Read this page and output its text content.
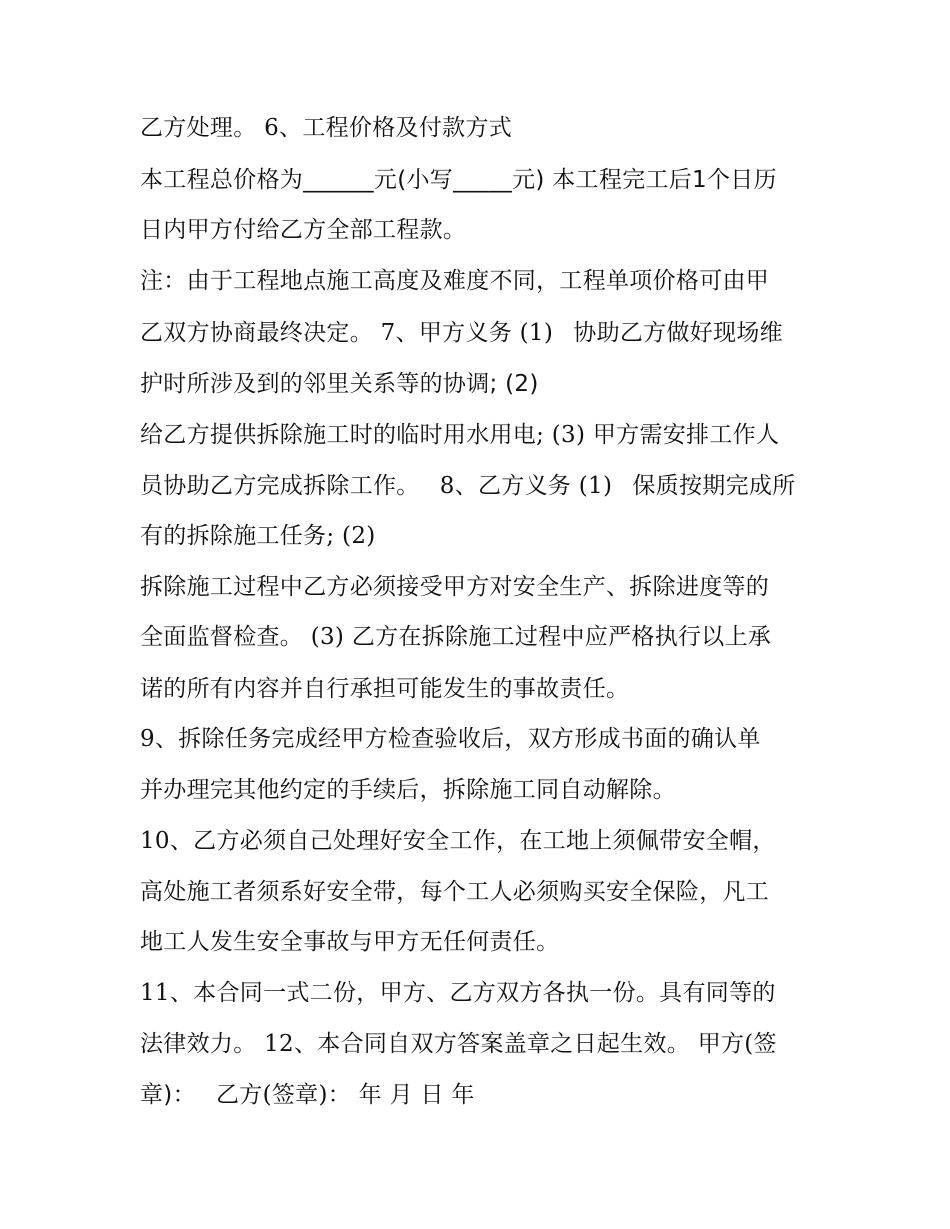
乙方处理。 6、工程价格及付款方式
本工程总价格为______元(小写_____元) 本工程完工后1个日历
日内甲方付给乙方全部工程款。
注：由于工程地点施工高度及难度不同，工程单项价格可由甲
乙双方协商最终决定。 7、甲方义务 (1) 协助乙方做好现场维
护时所涉及到的邻里关系等的协调; (2)
给乙方提供拆除施工时的临时用水用电; (3) 甲方需安排工作人
员协助乙方完成拆除工作。 8、乙方义务 (1) 保质按期完成所
有的拆除施工任务; (2)
拆除施工过程中乙方必须接受甲方对安全生产、拆除进度等的
全面监督检查。 (3) 乙方在拆除施工过程中应严格执行以上承
诺的所有内容并自行承担可能发生的事故责任。
9、拆除任务完成经甲方检查验收后，双方形成书面的确认单
并办理完其他约定的手续后，拆除施工同自动解除。
10、乙方必须自己处理好安全工作，在工地上须佩带安全帽，
高处施工者须系好安全带，每个工人必须购买安全保险，凡工
地工人发生安全事故与甲方无任何责任。
11、本合同一式二份，甲方、乙方双方各执一份。具有同等的
法律效力。 12、本合同自双方答案盖章之日起生效。 甲方(签
章)： 乙方(签章)： 年 月 日 年
